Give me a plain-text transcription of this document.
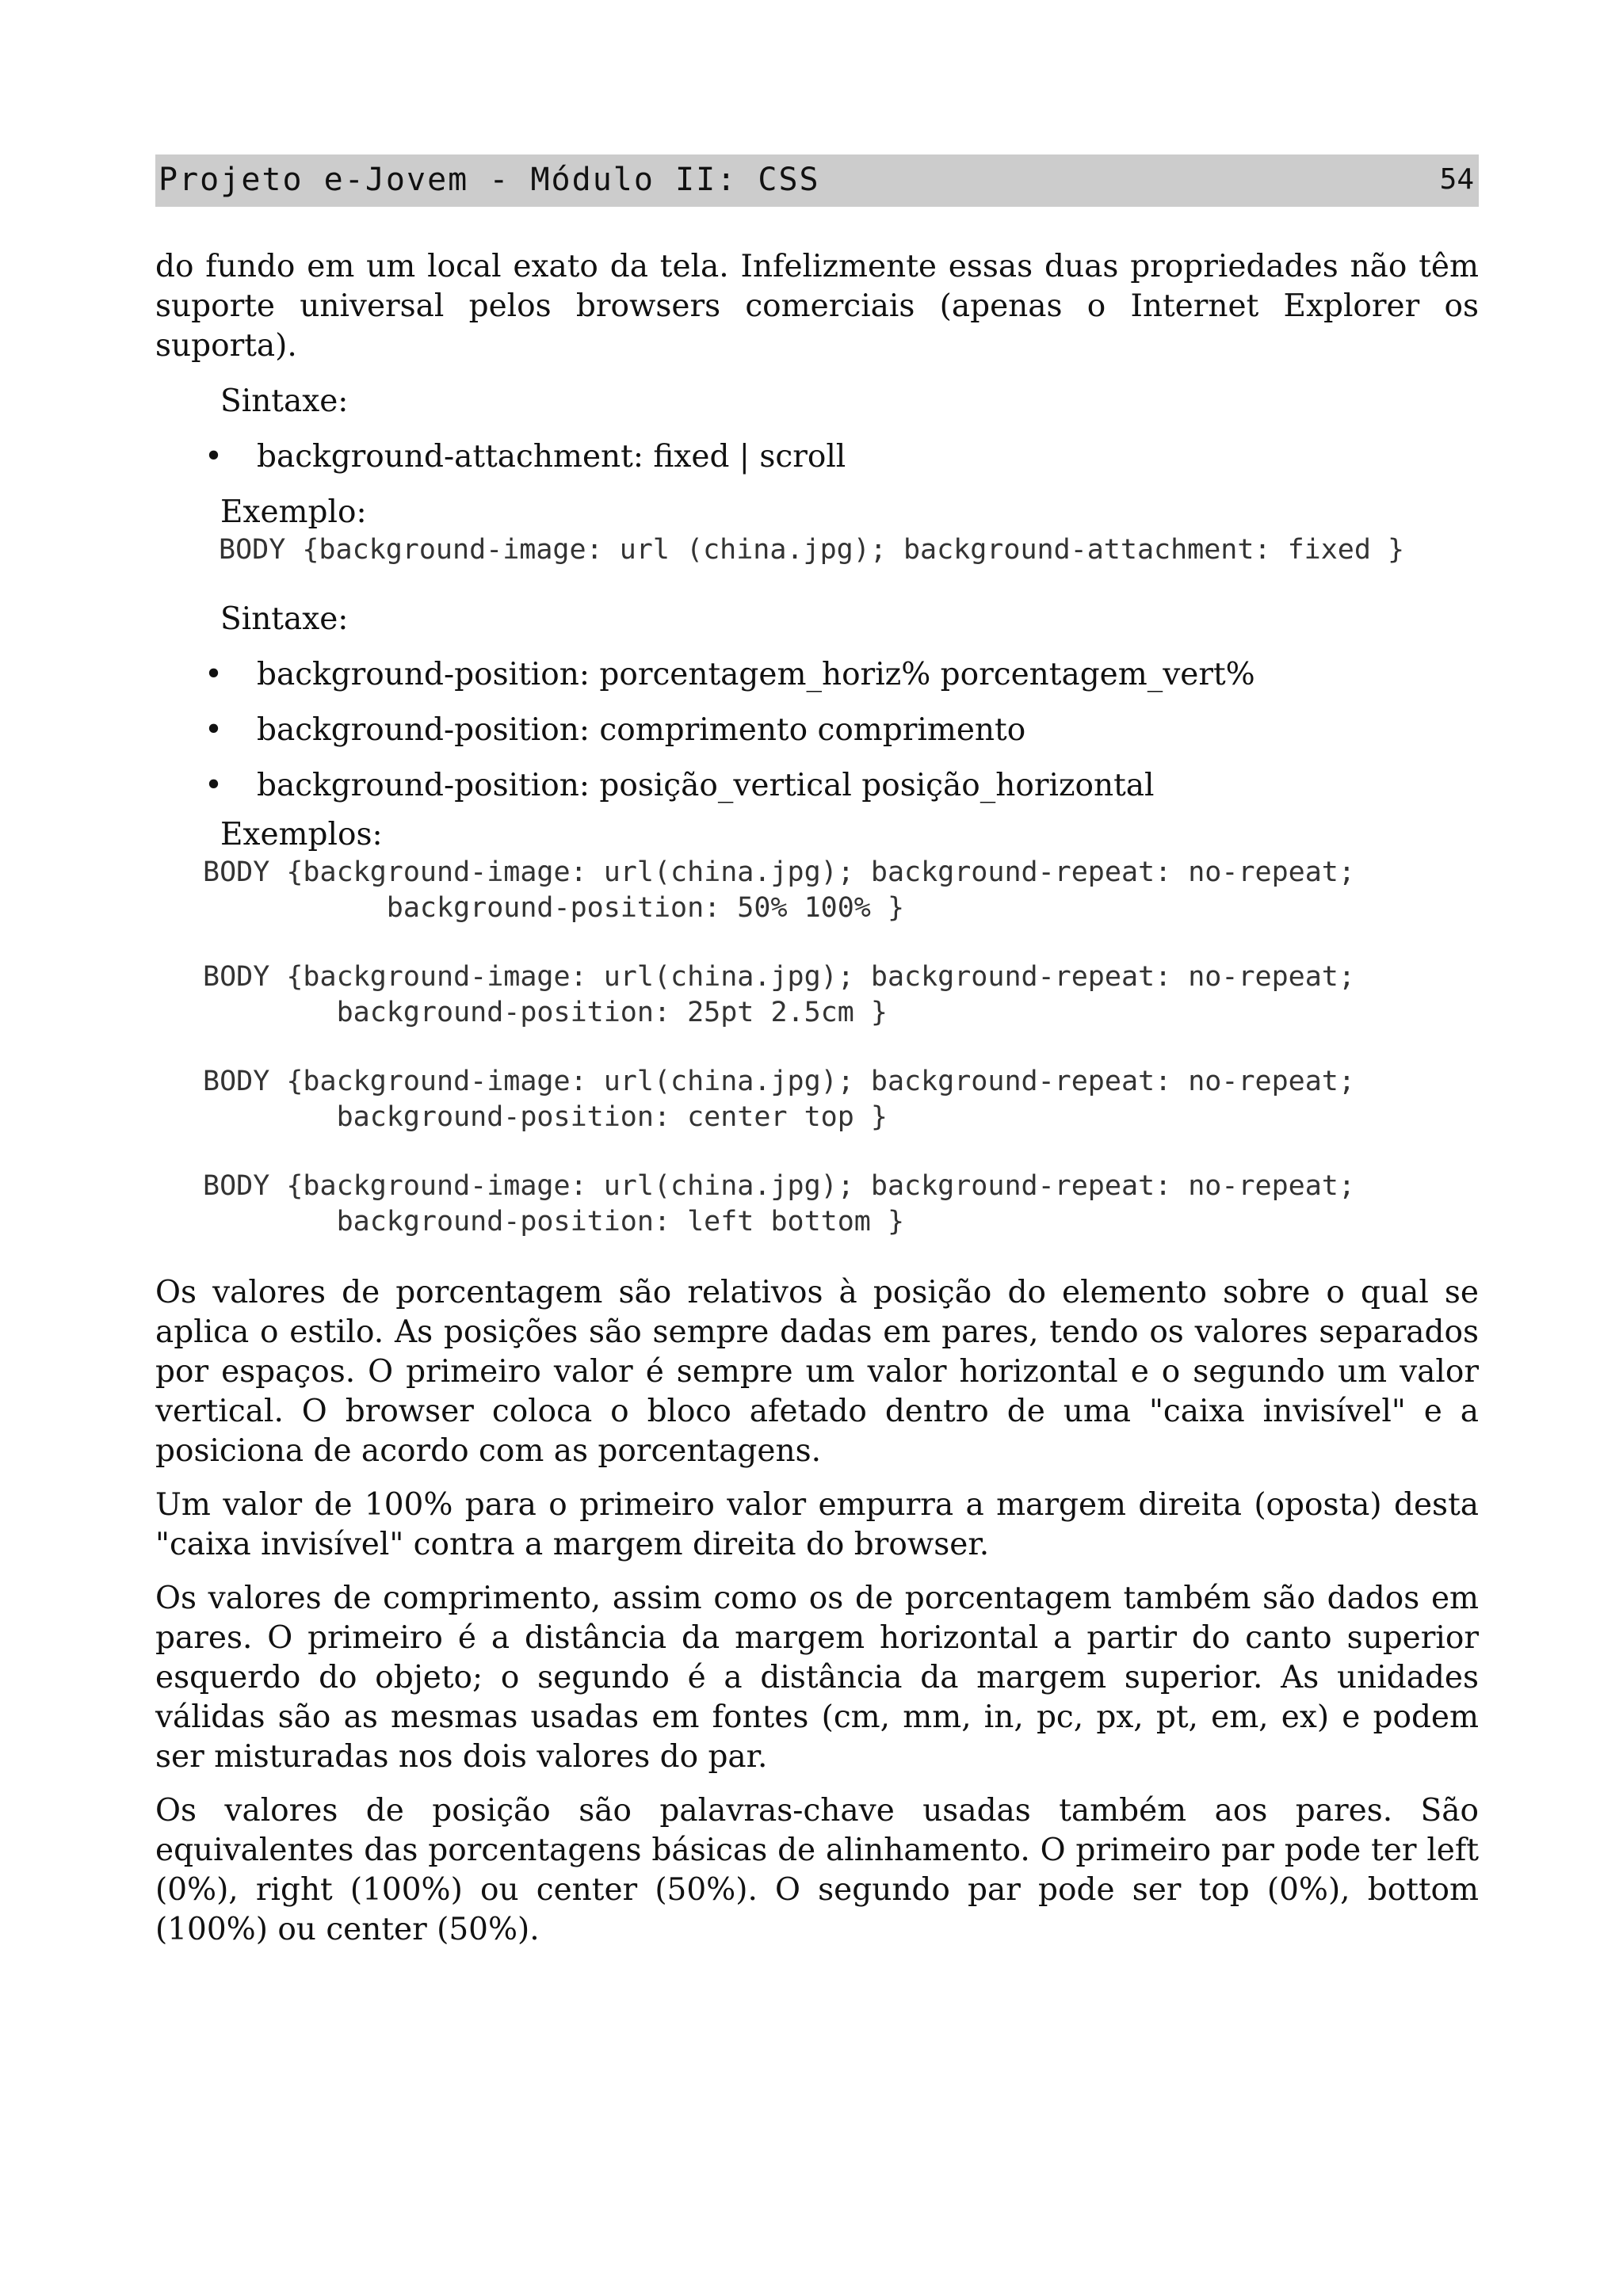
Projeto e-Jovem - Módulo II: CSS	54

do fundo em um local exato da tela. Infelizmente essas duas propriedades não têm suporte universal pelos browsers comerciais (apenas o Internet Explorer os suporta).

Sintaxe:

• background-attachment: fixed | scroll

Exemplo:

BODY {background-image: url (china.jpg); background-attachment: fixed }

Sintaxe:

• background-position: porcentagem_horiz% porcentagem_vert%
• background-position: comprimento comprimento
• background-position: posição_vertical posição_horizontal

Exemplos:

BODY {background-image: url(china.jpg); background-repeat: no-repeat;
background-position: 50% 100% }
BODY {background-image: url(china.jpg); background-repeat: no-repeat;
background-position: 25pt 2.5cm }
BODY {background-image: url(china.jpg); background-repeat: no-repeat;
background-position: center top }
BODY {background-image: url(china.jpg); background-repeat: no-repeat;
background-position: left bottom }

Os valores de porcentagem são relativos à posição do elemento sobre o qual se aplica o estilo. As posições são sempre dadas em pares, tendo os valores separados por espaços. O primeiro valor é sempre um valor horizontal e o segundo um valor vertical. O browser coloca o bloco afetado dentro de uma "caixa invisível" e a posiciona de acordo com as porcentagens.

Um valor de 100% para o primeiro valor empurra a margem direita (oposta) desta "caixa invisível" contra a margem direita do browser.

Os valores de comprimento, assim como os de porcentagem também são dados em pares. O primeiro é a distância da margem horizontal a partir do canto superior esquerdo do objeto; o segundo é a distância da margem superior. As unidades válidas são as mesmas usadas em fontes (cm, mm, in, pc, px, pt, em, ex) e podem ser misturadas nos dois valores do par.

Os valores de posição são palavras-chave usadas também aos pares. São equivalentes das porcentagens básicas de alinhamento. O primeiro par pode ter left (0%), right (100%) ou center (50%). O segundo par pode ser top (0%), bottom (100%) ou center (50%).
